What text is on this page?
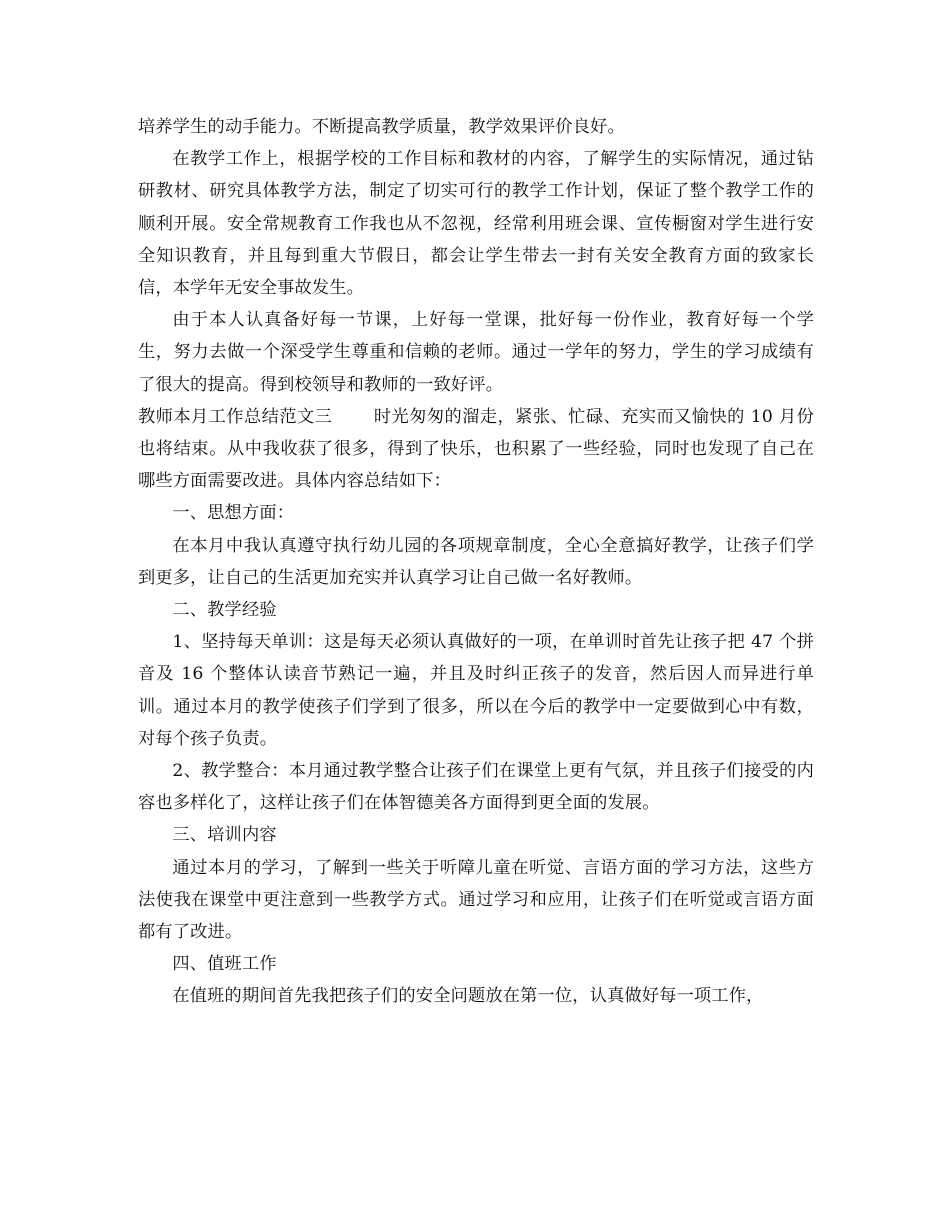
培养学生的动手能力。不断提高教学质量，教学效果评价良好。

在教学工作上，根据学校的工作目标和教材的内容，了解学生的实际情况，通过钻研教材、研究具体教学方法，制定了切实可行的教学工作计划，保证了整个教学工作的顺利开展。安全常规教育工作我也从不忽视，经常利用班会课、宣传橱窗对学生进行安全知识教育，并且每到重大节假日，都会让学生带去一封有关安全教育方面的致家长信，本学年无安全事故发生。

由于本人认真备好每一节课，上好每一堂课，批好每一份作业，教育好每一个学生，努力去做一个深受学生尊重和信赖的老师。通过一学年的努力，学生的学习成绩有了很大的提高。得到校领导和教师的一致好评。

教师本月工作总结范文三 时光匆匆的溜走，紧张、忙碌、充实而又愉快的 10 月份也将结束。从中我收获了很多，得到了快乐，也积累了一些经验，同时也发现了自己在哪些方面需要改进。具体内容总结如下：

一、思想方面：

在本月中我认真遵守执行幼儿园的各项规章制度，全心全意搞好教学，让孩子们学到更多，让自己的生活更加充实并认真学习让自己做一名好教师。

二、教学经验

1、坚持每天单训：这是每天必须认真做好的一项，在单训时首先让孩子把 47 个拼音及 16 个整体认读音节熟记一遍，并且及时纠正孩子的发音，然后因人而异进行单训。通过本月的教学使孩子们学到了很多，所以在今后的教学中一定要做到心中有数，对每个孩子负责。

2、教学整合：本月通过教学整合让孩子们在课堂上更有气氛，并且孩子们接受的内容也多样化了，这样让孩子们在体智德美各方面得到更全面的发展。

三、培训内容

通过本月的学习，了解到一些关于听障儿童在听觉、言语方面的学习方法，这些方法使我在课堂中更注意到一些教学方式。通过学习和应用，让孩子们在听觉或言语方面都有了改进。

四、值班工作

在值班的期间首先我把孩子们的安全问题放在第一位，认真做好每一项工作，
